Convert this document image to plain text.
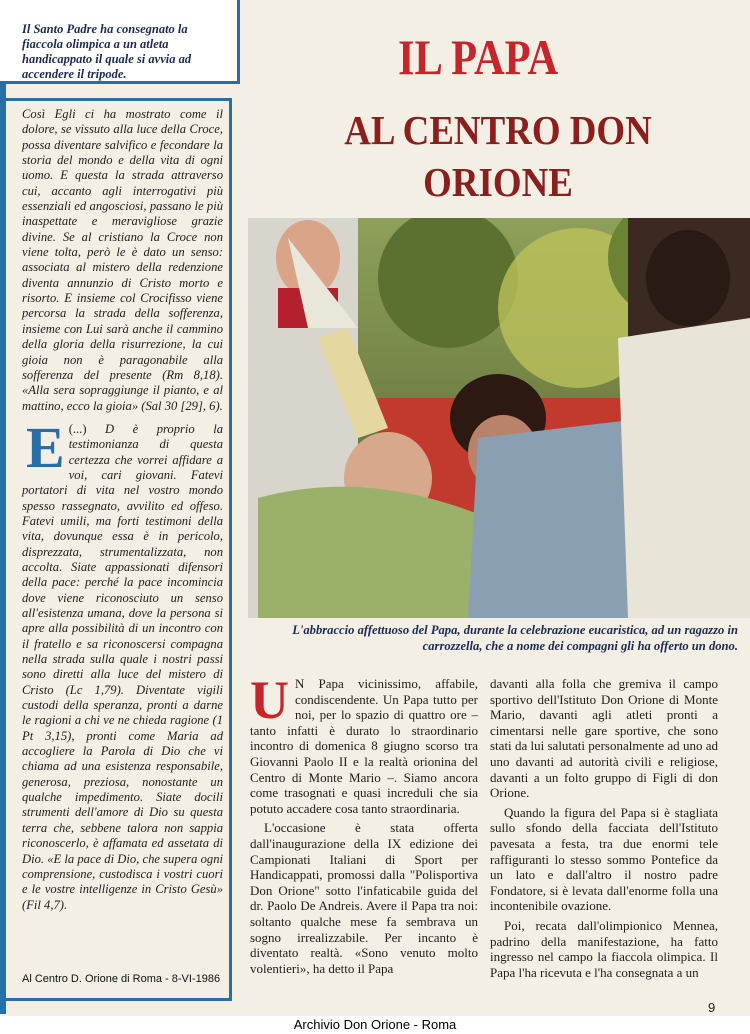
Il Santo Padre ha consegnato la fiaccola olimpica a un atleta handicappato il quale si avvia ad accendere il tripode.	IL PAPA
AL CENTRO DON ORIONE

Così Egli ci ha mostrato come il dolore, se vissuto alla luce della Croce, possa diventare salvifico e fecondare la storia del mondo e della vita di ogni uomo. E questa la strada attraverso cui, accanto agli interrogativi più essenziali ed angosciosi, passano le più inaspettate e meravigliose grazie divine. Se al cristiano la Croce non viene tolta, però le è dato un senso: associata al mistero della redenzione diventa annunzio di Cristo morto e risorto. E insieme col Crocifisso viene percorsa la strada della sofferenza, insieme con Lui sarà anche il cammino della gloria della risurrezione, la cui gioia non è paragonabile alla sofferenza del presente (Rm 8,18). «Alla sera sopraggiunge il pianto, e al mattino, ecco la gioia» (Sal 30 [29], 6).

E (...) D è proprio la testimonianza di questa certezza che vorrei affidare a voi, cari giovani. Fatevi portatori di vita nel vostro mondo spesso rassegnato, avvilito ed offeso. Fatevi umili, ma forti testimoni della vita, dovunque essa è in pericolo, disprezzata, strumentalizzata, non accolta. Siate appassionati difensori della pace: perché la pace incomincia dove viene riconosciuto un senso all'esistenza umana, dove la persona si apre alla possibilità di un incontro con il fratello e sa riconoscersi compagna nella strada sulla quale i nostri passi sono diretti alla luce del mistero di Cristo (Lc 1,79). Diventate vigili custodi della speranza, pronti a darne le ragioni a chi ve ne chieda ragione (1 Pt 3,15), pronti come Maria ad accogliere la Parola di Dio che vi chiama ad una esistenza responsabile, generosa, preziosa, nonostante un qualche impedimento. Siate docili strumenti dell'amore di Dio su questa terra che, sebbene talora non sappia riconoscerlo, è affamata ed assetata di Dio. «E la pace di Dio, che supera ogni comprensione, custodisca i vostri cuori e le vostre intelligenze in Cristo Gesù» (Fil 4,7).

Al Centro D. Orione di Roma - 8-VI-1986
L'abbraccio affettuoso del Papa, durante la celebrazione eucaristica, ad un ragazzo in carrozzella, che a nome dei compagni gli ha offerto un dono.

U N Papa vicinissimo, affabile, condiscendente. Un Papa tutto per noi, per lo spazio di quattro ore – tanto infatti è durato lo straordinario incontro di domenica 8 giugno scorso tra Giovanni Paolo II e la realtà orionina del Centro di Monte Mario –. Siamo ancora come trasognati e quasi increduli che sia potuto accadere cosa tanto straordinaria.

L'occasione è stata offerta dall'inaugurazione della IX edizione dei Campionati Italiani di Sport per Handicappati, promossi dalla "Polisportiva Don Orione" sotto l'infaticabile guida del dr. Paolo De Andreis. Avere il Papa tra noi: soltanto qualche mese fa sembrava un sogno irrealizzabile. Per incanto è diventato realtà. «Sono venuto molto volentieri», ha detto il Papa

davanti alla folla che gremiva il campo sportivo dell'Istituto Don Orione di Monte Mario, davanti agli atleti pronti a cimentarsi nelle gare sportive, che sono stati da lui salutati personalmente ad uno ad uno davanti ad autorità civili e religiose, davanti a un folto gruppo di Figli di don Orione.

Quando la figura del Papa si è stagliata sullo sfondo della facciata dell'Istituto pavesata a festa, tra due enormi tele raffiguranti lo stesso sommo Pontefice da un lato e dall'altro il nostro padre Fondatore, si è levata dall'enorme folla una incontenibile ovazione.

Poi, recata dall'olimpionico Mennea, padrino della manifestazione, ha fatto ingresso nel campo la fiaccola olimpica. Il Papa l'ha ricevuta e l'ha consegnata a un

9
Archivio Don Orione - Roma
